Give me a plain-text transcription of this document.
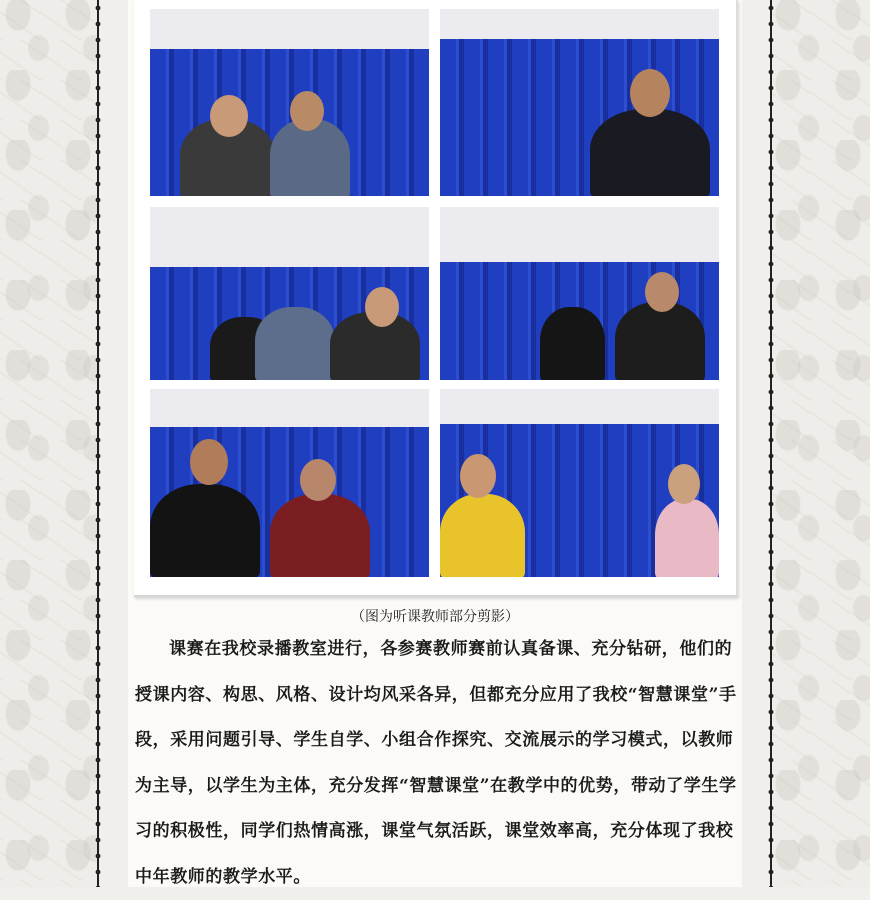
（图为听课教师部分剪影）

课赛在我校录播教室进行，各参赛教师赛前认真备课、充分钻研，他们的授课内容、构思、风格、设计均风采各异，但都充分应用了我校“智慧课堂”手段，采用问题引导、学生自学、小组合作探究、交流展示的学习模式，以教师为主导，以学生为主体，充分发挥“智慧课堂”在教学中的优势，带动了学生学习的积极性，同学们热情高涨，课堂气氛活跃，课堂效率高，充分体现了我校中年教师的教学水平。
